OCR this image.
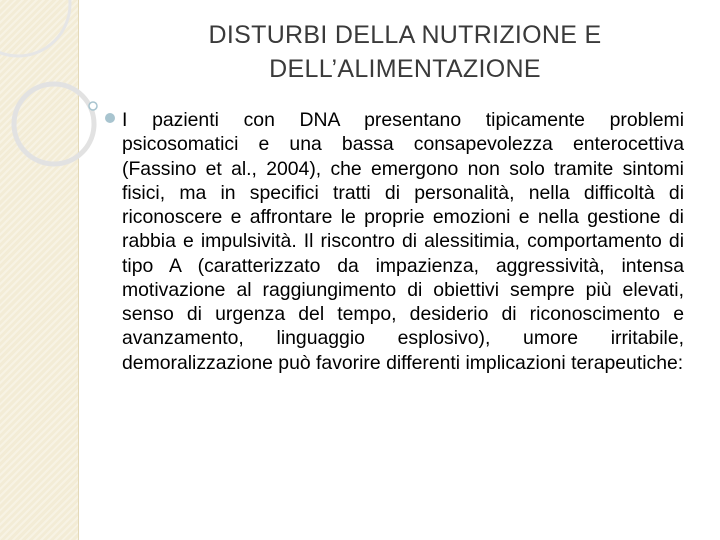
DISTURBI DELLA NUTRIZIONE E DELL’ALIMENTAZIONE

I pazienti con DNA presentano tipicamente problemi psicosomatici e una bassa consapevolezza enterocettiva (Fassino et al., 2004), che emergono non solo tramite sintomi fisici, ma in specifici tratti di personalità, nella difficoltà di riconoscere e affrontare le proprie emozioni e nella gestione di rabbia e impulsività. Il riscontro di alessitimia, comportamento di tipo A (caratterizzato da impazienza, aggressività, intensa motivazione al raggiungimento di obiettivi sempre più elevati, senso di urgenza del tempo, desiderio di riconoscimento e avanzamento, linguaggio esplosivo), umore irritabile, demoralizzazione può favorire differenti implicazioni terapeutiche:
